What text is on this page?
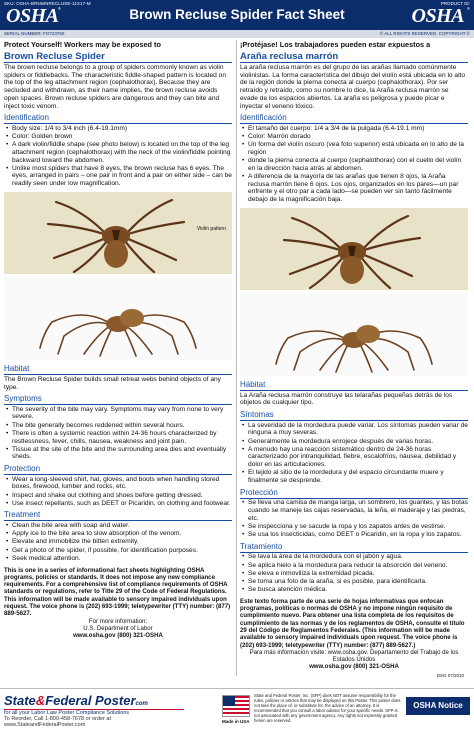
SKU: OSHA-BRNWNRECLUSE-11X17-M	PRODUCT ID:
OSHA ®	Brown Recluse Spider Fact Sheet	OSHA ®
SERIAL NUMBER: FO723760	© ALL RIGHTS RESERVED. COPYRIGHT ©
Protect Yourself! Workers may be exposed to
Brown Recluse Spider

The brown recluse belongs to a group of spiders commonly known as violin spiders or fiddlebacks. The characteristic fiddle-shaped pattern is located on the top of the leg attachment region (cephalothorax). Because they are secluded and withdrawn, as their name implies, the brown recluse avoids open spaces. Brown recluse spiders are dangerous and they can bite and inject toxic venom.

Identification
• Body size: 1/4 to 3/4 inch (6.4-19.1mm)
• Color: Golden brown
• A dark violin/fiddle shape (see photo below) is located on the top of the leg attachment region (cephalothorax) with the neck of the violin/fiddle pointing backward toward the abdomen.
• Unlike most spiders that have 8 eyes, the brown recluse has 6 eyes. The eyes, arranged in pairs – one pair in front and a pair on either side – can be readily seen under low magnification.
Violin pattern
Habitat

The Brown Recluse Spider builds small retreat webs behind objects of any type.

Symptoms
• The severity of the bite may vary. Symptoms may vary from none to very severe.
• The bite generally becomes reddened within several hours.
• There is often a systemic reaction within 24-36 hours characterized by restlessness, fever, chills, nausea, weakness and joint pain.
• Tissue at the site of the bite and the surrounding area dies and eventually sheds.
Protection
• Wear a long-sleeved shirt, hat, gloves, and boots when handling stored boxes, firewood, lumber and rocks, etc.
• Inspect and shake out clothing and shoes before getting dressed.
• Use insect repellants, such as DEET or Picaridin, on clothing and footwear.
Treatment
• Clean the bite area with soap and water.
• Apply ice to the bite area to slow absorption of the venom.
• Elevate and immobilize the bitten extremity.
• Get a photo of the spider, if possible, for identification purposes.
• Seek medical attention.

This is one in a series of informational fact sheets highlighting OSHA programs, policies or standards. It does not impose any new compliance requirements. For a comprehensive list of compliance requirements of OSHA standards or regulations, refer to Title 29 of the Code of Federal Regulations. This information will be made available to sensory impaired individuals upon request. The voice phone is (202) 693-1999; teletypewriter (TTY) number: (877) 889-5627.

For more information:

U.S. Department of Labor

www.osha.gov (800) 321-OSHA

¡Protéjase! Los trabajadores pueden estar expuestos a
Araña reclusa marrón

La araña reclusa marrón es del grupo de las arañas llamado comúnmente violinistas. La forma característica del dibujo del violín está ubicada en lo alto de la región donde la pierna conecta al cuerpo (cephalothorax). Por ser retraído y retraído, como su nombre lo dice, la Araña reclusa marrón se evade de los espacios abiertos. La araña es peligrosa y puede picar e inyectar el veneno tóxico.

Identificación
• El tamaño del cuerpo: 1/4 a 3/4 de la pulgada (6.4-19.1 mm)
• Color: Marrón dorado
• Un forma del violín oscuro (vea foto superior) está ubicada en lo alto de la región
• donde la pierna conecta al cuerpo (cephalothorax) con el cuello del violín en la dirección hacia atrás al abdomen.
• A diferencia de la mayoría de las arañas que tienen 8 ojos, la Araña reclusa marrón tiene 6 ojos. Los ojos, organizados en los pares—un par enfrente y el otro par a cada lado—se pueden ver sin tanto fácilmente debajo de la magnificación baja.
Hábitat

La Araña reclusa marrón construye las telarañas pequeñas detrás de los objetos de cualquier tipo.

Síntomas
• La severidad de la mordedura puede variar. Los síntomas pueden variar de ninguna a muy severas.
• Generalmente la mordedura enrojece después de varias horas.
• A menudo hay una reacción sistemático dentro de 24-36 horas caracterizado por intranquilidad, fiebre, escalofríos, náusea, debilidad y dolor en las articulaciones.
• El tejido al sitio de la mordedura y del espacio circundante muere y finalmente se desprende.
Protección
• Se lleva una camisa de manga larga, un sombrero, los guantes, y las botas cuando se maneje las cajas reservadas, la leña, el maderaje y las piedras, etc.
• Se inspecciona y se sacude la ropa y los zapatos antes de vestirse.
• Se usa los insecticidas, como DEET o Picaridin, en la ropa y los zapatos.
Tratamiento
• Se lava la área de la mordedura con el jabón y agua.
• Se aplica hielo a la mordedura para reducir la absorción del veneno.
• Se eleva e inmoviliza la extremidad picada.
• Se toma una foto de la araña, si es posible, para identificarla.
• Se busca atención médica.

Este texto forma parte de una serie de hojas informativas que enfocan programas, políticas o normas de OSHA y no impone ningún requisito de cumplimiento nuevo. Para obtener una lista completa de los requisitos de cumplimiento de las normas y de los reglamentos de OSHA, consulte el título 29 del Código de Reglamentos Federales. (This information will be made available to sensory impaired individuals upon request. The voice phone is (202) 693-1999; teletypewriter (TTY) number: (877) 889-5627.)

Para más información visite: www.osha.gov. Departamento del Trabajo de los Estados Unidos

www.osha.gov (800) 321-OSHA

DSG 07/2010
State&Federal Postercom
for all your Labor Law Poster Compliance Solutions
To Reorder, Call 1-800-458-7678 or order at www.StateandFederalPoster.com
Made in USA

State and Federal Poster, Inc. (SFP) does NOT assume responsibility for the rules, policies or articles that may be displayed on this Poster. This poster does not take the place of, or substitute for, the advice of an attorney. It is recommended that you consult a labor advisor for your specific needs. SFP is not associated with any government agency. Any rights not expressly granted herein are reserved.

OSHA Notice
